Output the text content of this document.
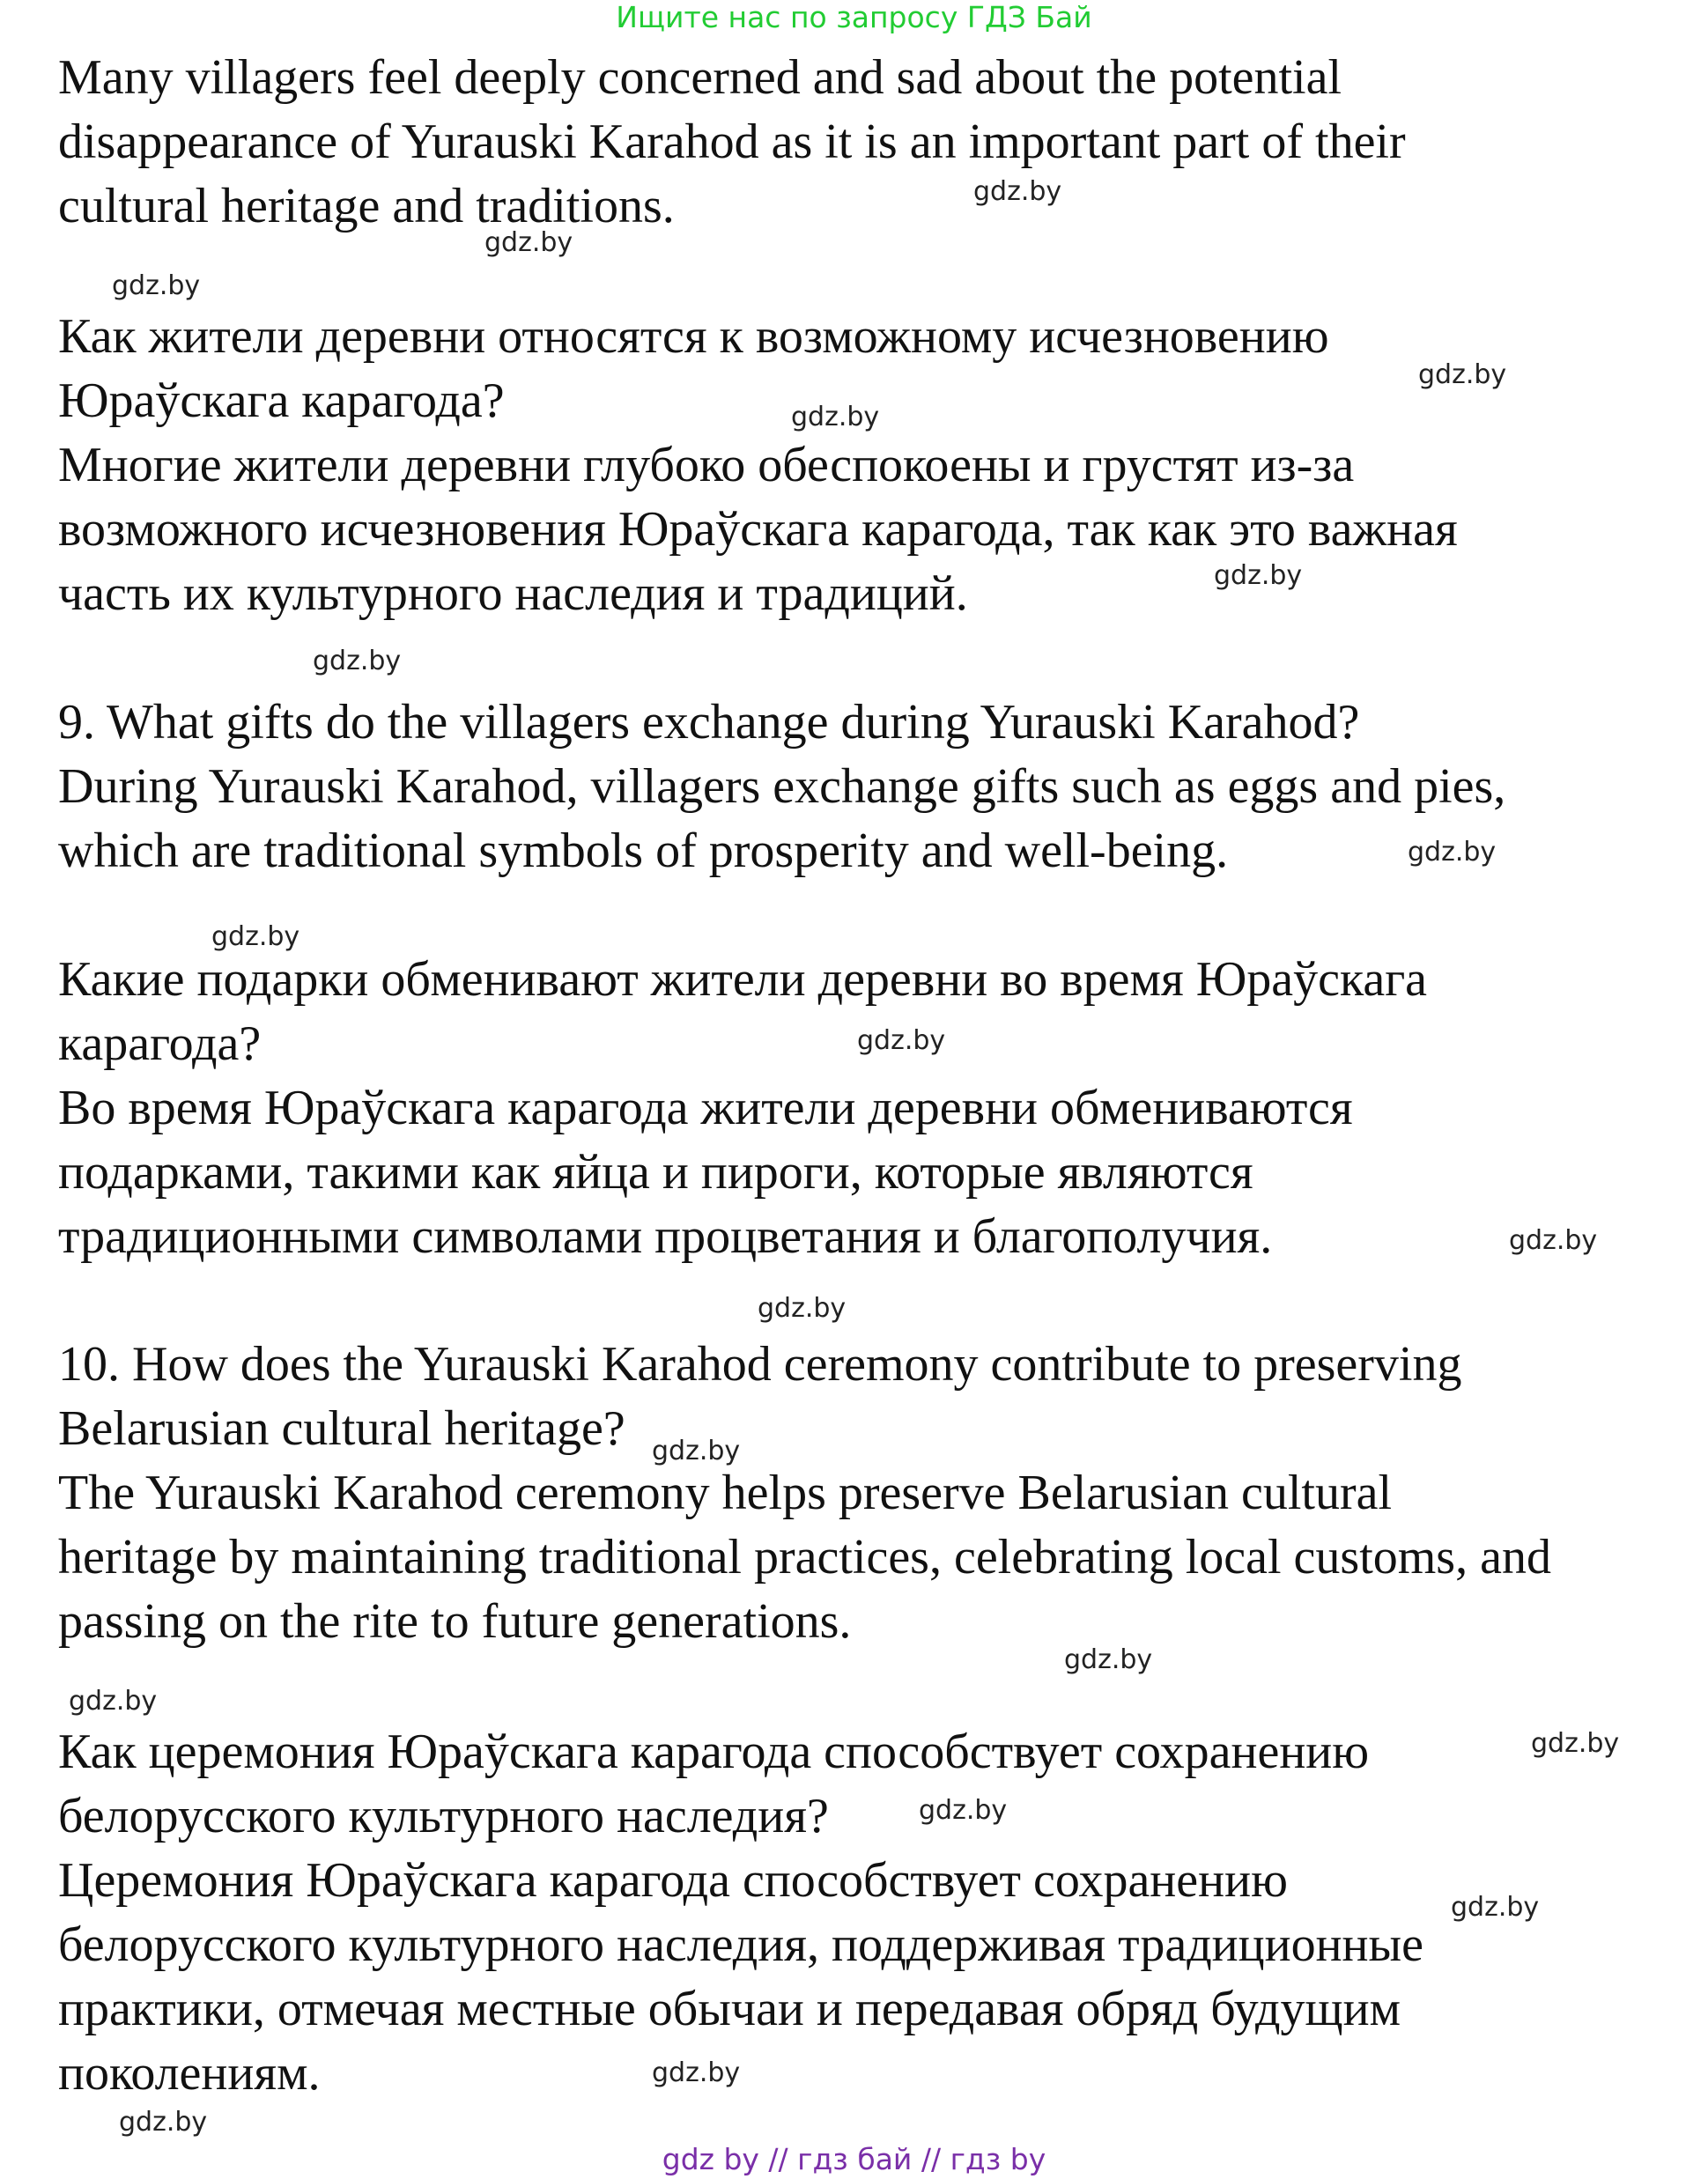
Ищите нас по запросу ГДЗ Бай
Many villagers feel deeply concerned and sad about the potential
disappearance of Yurauski Karahod as it is an important part of their
cultural heritage and traditions.
Как жители деревни относятся к возможному исчезновению
Юраўскага карагода?
Многие жители деревни глубоко обеспокоены и грустят из-за
возможного исчезновения Юраўскага карагода, так как это важная
часть их культурного наследия и традиций.
9. What gifts do the villagers exchange during Yurauski Karahod?
During Yurauski Karahod, villagers exchange gifts such as eggs and pies,
which are traditional symbols of prosperity and well-being.
Какие подарки обменивают жители деревни во время Юраўскага
карагода?
Во время Юраўскага карагода жители деревни обмениваются
подарками, такими как яйца и пироги, которые являются
традиционными символами процветания и благополучия.
10. How does the Yurauski Karahod ceremony contribute to preserving
Belarusian cultural heritage?
The Yurauski Karahod ceremony helps preserve Belarusian cultural
heritage by maintaining traditional practices, celebrating local customs, and
passing on the rite to future generations.
Как церемония Юраўскага карагода способствует сохранению
белорусского культурного наследия?
Церемония Юраўскага карагода способствует сохранению
белорусского культурного наследия, поддерживая традиционные
практики, отмечая местные обычаи и передавая обряд будущим
поколениям.
gdz.by
gdz.by
gdz.by
gdz.by
gdz.by
gdz.by
gdz.by
gdz.by
gdz.by
gdz.by
gdz.by
gdz.by
gdz.by
gdz.by
gdz.by
gdz.by
gdz.by
gdz.by
gdz.by
gdz.by
gdz by // гдз бай // гдз by
